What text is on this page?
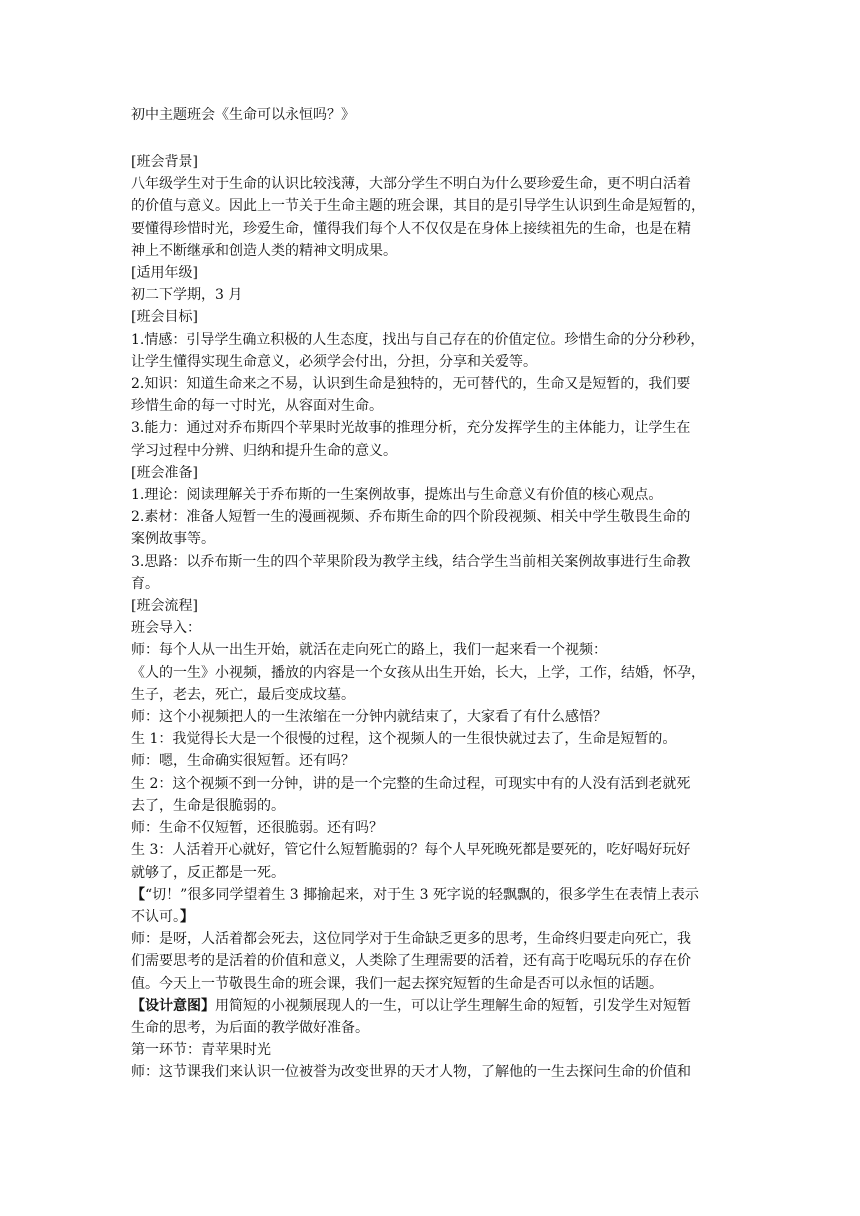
初中主题班会《生命可以永恒吗？》

[班会背景]

八年级学生对于生命的认识比较浅薄，大部分学生不明白为什么要珍爱生命，更不明白活着

的价值与意义。因此上一节关于生命主题的班会课，其目的是引导学生认识到生命是短暂的，

要懂得珍惜时光，珍爱生命，懂得我们每个人不仅仅是在身体上接续祖先的生命，也是在精

神上不断继承和创造人类的精神文明成果。

[适用年级]

初二下学期，3 月

[班会目标]

1.情感：引导学生确立积极的人生态度，找出与自己存在的价值定位。珍惜生命的分分秒秒，

让学生懂得实现生命意义，必须学会付出，分担，分享和关爱等。

2.知识：知道生命来之不易，认识到生命是独特的，无可替代的，生命又是短暂的，我们要

珍惜生命的每一寸时光，从容面对生命。

3.能力：通过对乔布斯四个苹果时光故事的推理分析，充分发挥学生的主体能力，让学生在

学习过程中分辨、归纳和提升生命的意义。

[班会准备]

1.理论：阅读理解关于乔布斯的一生案例故事，提炼出与生命意义有价值的核心观点。

2.素材：准备人短暂一生的漫画视频、乔布斯生命的四个阶段视频、相关中学生敬畏生命的

案例故事等。

3.思路：以乔布斯一生的四个苹果阶段为教学主线，结合学生当前相关案例故事进行生命教

育。

[班会流程]

班会导入：

师：每个人从一出生开始，就活在走向死亡的路上，我们一起来看一个视频：

《人的一生》小视频，播放的内容是一个女孩从出生开始，长大，上学，工作，结婚，怀孕，

生子，老去，死亡，最后变成坟墓。

师：这个小视频把人的一生浓缩在一分钟内就结束了，大家看了有什么感悟？

生 1：我觉得长大是一个很慢的过程，这个视频人的一生很快就过去了，生命是短暂的。

师：嗯，生命确实很短暂。还有吗？

生 2：这个视频不到一分钟，讲的是一个完整的生命过程，可现实中有的人没有活到老就死

去了，生命是很脆弱的。

师：生命不仅短暂，还很脆弱。还有吗？

生 3：人活着开心就好，管它什么短暂脆弱的？每个人早死晚死都是要死的，吃好喝好玩好

就够了，反正都是一死。

【“切！”很多同学望着生 3 揶揄起来，对于生 3 死字说的轻飘飘的，很多学生在表情上表示

不认可。】

师：是呀，人活着都会死去，这位同学对于生命缺乏更多的思考，生命终归要走向死亡，我

们需要思考的是活着的价值和意义，人类除了生理需要的活着，还有高于吃喝玩乐的存在价

值。今天上一节敬畏生命的班会课，我们一起去探究短暂的生命是否可以永恒的话题。

【设计意图】用简短的小视频展现人的一生，可以让学生理解生命的短暂，引发学生对短暂

生命的思考，为后面的教学做好准备。

第一环节：青苹果时光

师：这节课我们来认识一位被誉为改变世界的天才人物，了解他的一生去探问生命的价值和
